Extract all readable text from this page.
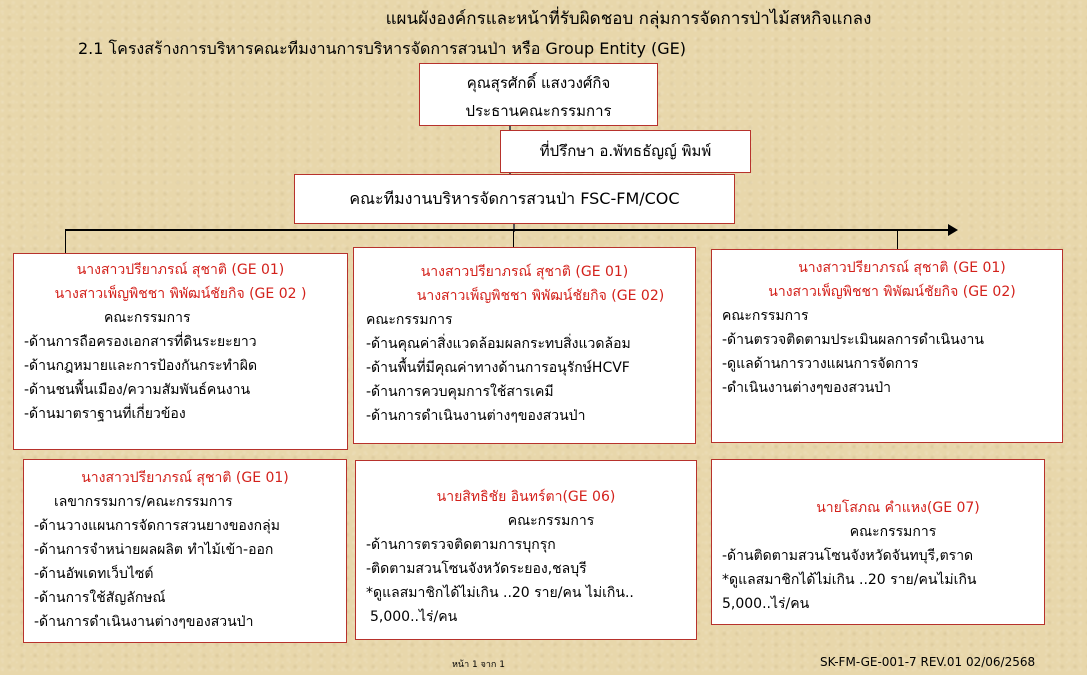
แผนผังองค์กรและหน้าที่รับผิดชอบ กลุ่มการจัดการป่าไม้สหกิจแกลง
2.1 โครงสร้างการบริหารคณะทีมงานการบริหารจัดการสวนป่า หรือ Group Entity (GE)
คุณสุรศักดิ์ แสงวงศ์กิจ
ประธานคณะกรรมการ
ที่ปรึกษา อ.พัทธธัญญ์ พิมพ์
คณะทีมงานบริหารจัดการสวนป่า FSC-FM/COC
นางสาวปรียาภรณ์ สุชาติ (GE 01)
นางสาวเพ็ญพิชชา พิพัฒน์ชัยกิจ (GE 02 )
คณะกรรมการ
-ด้านการถือครองเอกสารที่ดินระยะยาว
-ด้านกฎหมายและการป้องกันกระทำผิด
-ด้านชนพื้นเมือง/ความสัมพันธ์คนงาน
-ด้านมาตราฐานที่เกี่ยวข้อง
นางสาวปรียาภรณ์ สุชาติ (GE 01)
นางสาวเพ็ญพิชชา พิพัฒน์ชัยกิจ (GE 02)
คณะกรรมการ
-ด้านคุณค่าสิ่งแวดล้อมผลกระทบสิ่งแวดล้อม
-ด้านพื้นที่มีคุณค่าทางด้านการอนุรักษ์HCVF
-ด้านการควบคุมการใช้สารเคมี
-ด้านการดำเนินงานต่างๆของสวนป่า
นางสาวปรียาภรณ์ สุชาติ (GE 01)
นางสาวเพ็ญพิชชา พิพัฒน์ชัยกิจ (GE 02)
คณะกรรมการ
-ด้านตรวจติดตามประเมินผลการดำเนินงาน
-ดูแลด้านการวางแผนการจัดการ
-ดำเนินงานต่างๆของสวนป่า
นางสาวปรียาภรณ์ สุชาติ (GE 01)
เลขากรรมการ/คณะกรรมการ
-ด้านวางแผนการจัดการสวนยางของกลุ่ม
-ด้านการจำหน่ายผลผลิต ทำไม้เข้า-ออก
-ด้านอัพเดทเว็บไซต์
-ด้านการใช้สัญลักษณ์
-ด้านการดำเนินงานต่างๆของสวนป่า
นายสิทธิชัย อินทร์ตา(GE 06)
คณะกรรมการ
-ด้านการตรวจติดตามการบุกรุก
-ติดตามสวนโซนจังหวัดระยอง,ชลบุรี
*ดูแลสมาชิกได้ไม่เกิน ..20 ราย/คน ไม่เกิน..
5,000..ไร่/คน
นายโสภณ คำแหง(GE 07)
คณะกรรมการ
-ด้านติดตามสวนโซนจังหวัดจันทบุรี,ตราด
*ดูแลสมาชิกได้ไม่เกิน ..20 ราย/คนไม่เกิน
5,000..ไร่/คน
หน้า 1 จาก 1	SK-FM-GE-001-7 REV.01 02/06/2568
